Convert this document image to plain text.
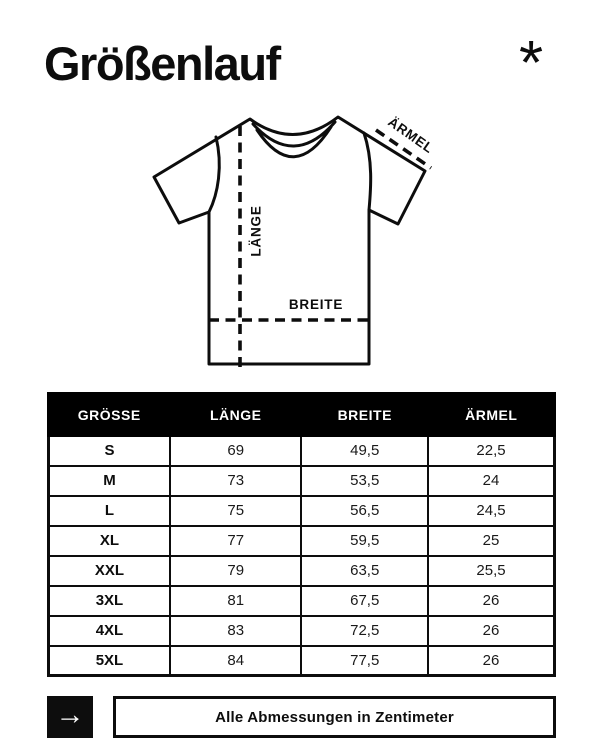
Größenlauf	*
LÄNGE
BREITE
ÄRMEL
GRÖSSE	LÄNGE	BREITE	ÄRMEL
S	69	49,5	22,5
M	73	53,5	24
L	75	56,5	24,5
XL	77	59,5	25
XXL	79	63,5	25,5
3XL	81	67,5	26
4XL	83	72,5	26
5XL	84	77,5	26
→	Alle Abmessungen in Zentimeter
